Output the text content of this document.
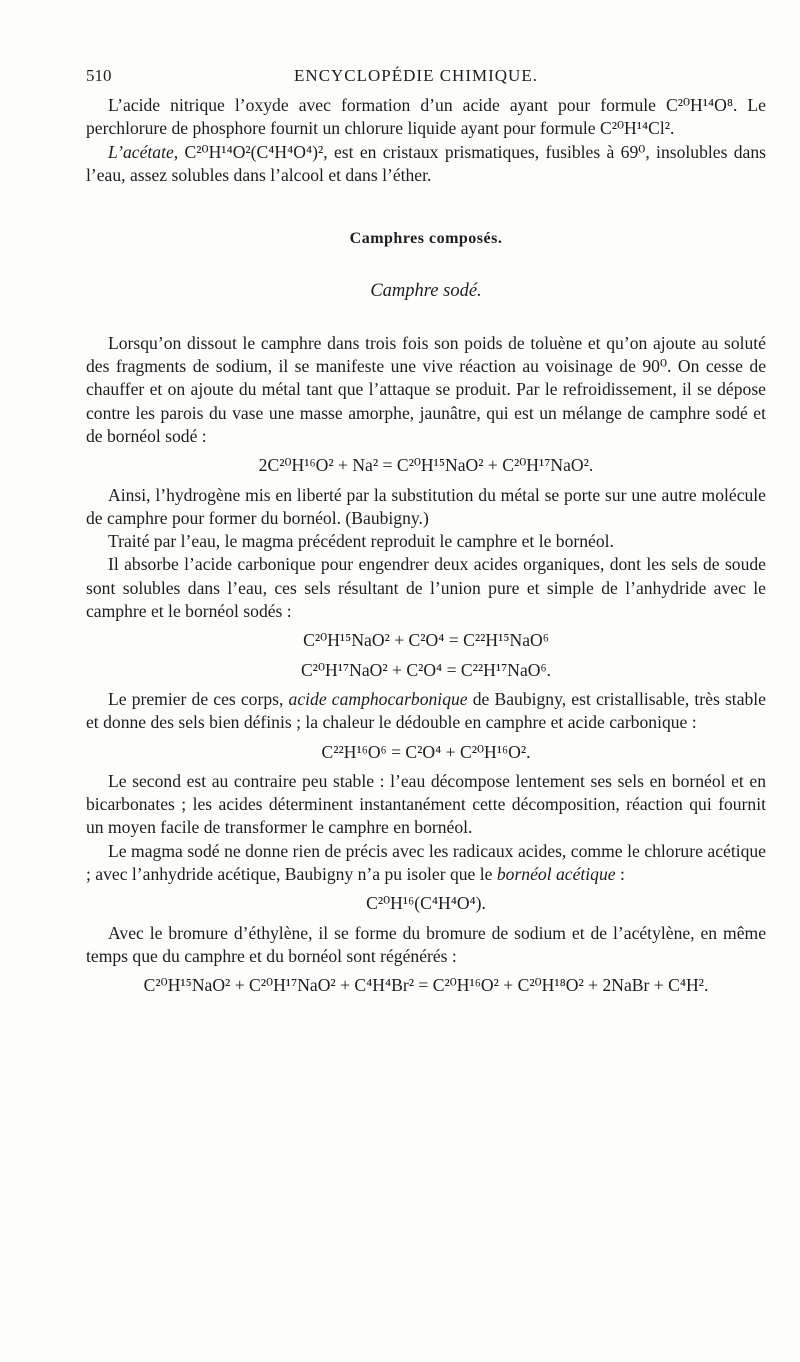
510	ENCYCLOPÉDIE CHIMIQUE.

L’acide nitrique l’oxyde avec formation d’un acide ayant pour formule C²⁰H¹⁴O⁸. Le perchlorure de phosphore fournit un chlorure liquide ayant pour formule C²⁰H¹⁴Cl².

L’acétate, C²⁰H¹⁴O²(C⁴H⁴O⁴)², est en cristaux prismatiques, fusibles à 69⁰, insolubles dans l’eau, assez solubles dans l’alcool et dans l’éther.

Camphres composés.

Camphre sodé.

Lorsqu’on dissout le camphre dans trois fois son poids de toluène et qu’on ajoute au soluté des fragments de sodium, il se manifeste une vive réaction au voisinage de 90⁰. On cesse de chauffer et on ajoute du métal tant que l’attaque se produit. Par le refroidissement, il se dépose contre les parois du vase une masse amorphe, jaunâtre, qui est un mélange de camphre sodé et de bornéol sodé :

2C²⁰H¹⁶O² + Na² = C²⁰H¹⁵NaO² + C²⁰H¹⁷NaO².

Ainsi, l’hydrogène mis en liberté par la substitution du métal se porte sur une autre molécule de camphre pour former du bornéol. (Baubigny.)

Traité par l’eau, le magma précédent reproduit le camphre et le bornéol.

Il absorbe l’acide carbonique pour engendrer deux acides organiques, dont les sels de soude sont solubles dans l’eau, ces sels résultant de l’union pure et simple de l’anhydride avec le camphre et le bornéol sodés :

C²⁰H¹⁵NaO² + C²O⁴ = C²²H¹⁵NaO⁶

C²⁰H¹⁷NaO² + C²O⁴ = C²²H¹⁷NaO⁶.

Le premier de ces corps, acide camphocarbonique de Baubigny, est cristallisable, très stable et donne des sels bien définis ; la chaleur le dédouble en camphre et acide carbonique :

C²²H¹⁶O⁶ = C²O⁴ + C²⁰H¹⁶O².

Le second est au contraire peu stable : l’eau décompose lentement ses sels en bornéol et en bicarbonates ; les acides déterminent instantanément cette décomposition, réaction qui fournit un moyen facile de transformer le camphre en bornéol.

Le magma sodé ne donne rien de précis avec les radicaux acides, comme le chlorure acétique ; avec l’anhydride acétique, Baubigny n’a pu isoler que le bornéol acétique :

C²⁰H¹⁶(C⁴H⁴O⁴).

Avec le bromure d’éthylène, il se forme du bromure de sodium et de l’acétylène, en même temps que du camphre et du bornéol sont régénérés :

C²⁰H¹⁵NaO² + C²⁰H¹⁷NaO² + C⁴H⁴Br² = C²⁰H¹⁶O² + C²⁰H¹⁸O² + 2NaBr + C⁴H².
